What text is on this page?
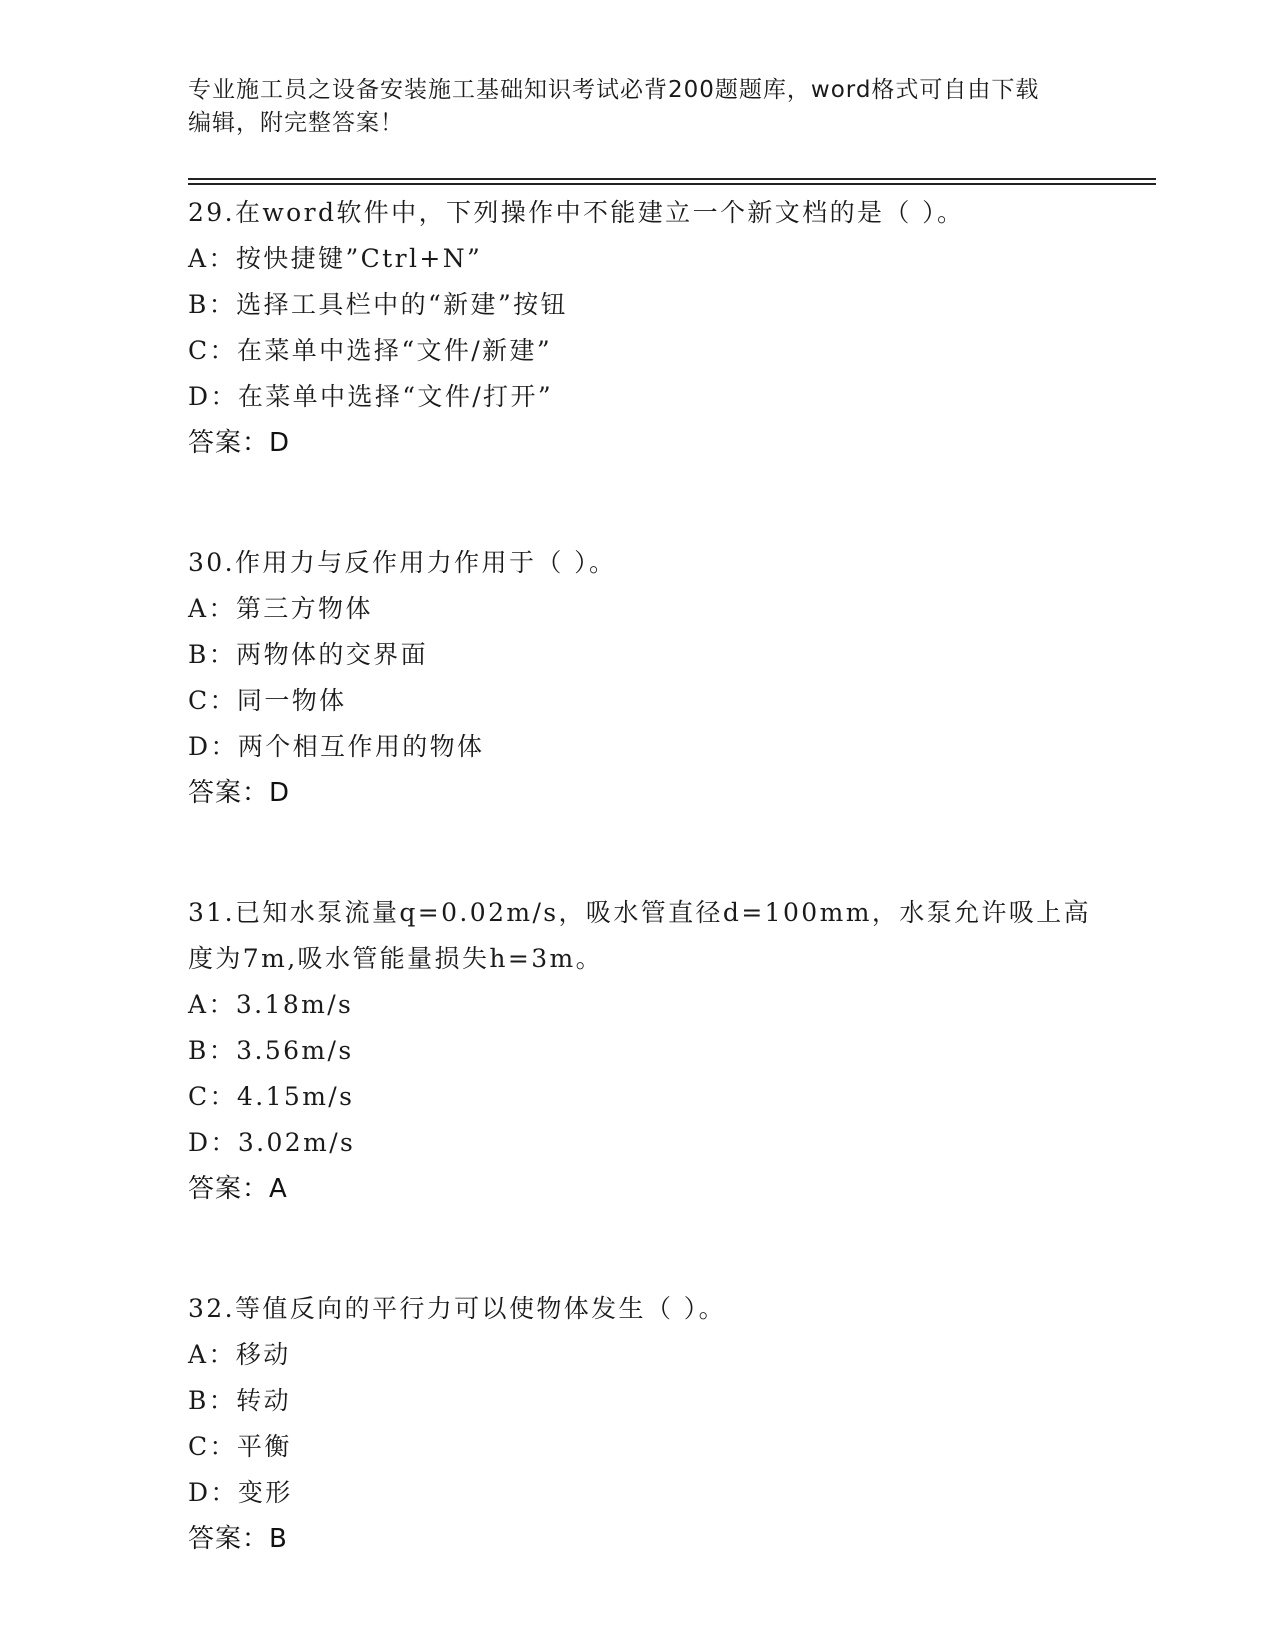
专业施工员之设备安装施工基础知识考试必背200题题库，word格式可自由下载
编辑，附完整答案！
29.在word软件中，下列操作中不能建立一个新文档的是（ ）。
A：按快捷键”Ctrl+N”
B：选择工具栏中的“新建”按钮
C：在菜单中选择“文件/新建”
D：在菜单中选择“文件/打开”
答案：D
30.作用力与反作用力作用于（ ）。
A：第三方物体
B：两物体的交界面
C：同一物体
D：两个相互作用的物体
答案：D
31.已知水泵流量q=0.02m/s，吸水管直径d=100mm，水泵允许吸上高
度为7m,吸水管能量损失h=3m。
A：3.18m/s
B：3.56m/s
C：4.15m/s
D：3.02m/s
答案：A
32.等值反向的平行力可以使物体发生（ ）。
A：移动
B：转动
C：平衡
D：变形
答案：B
